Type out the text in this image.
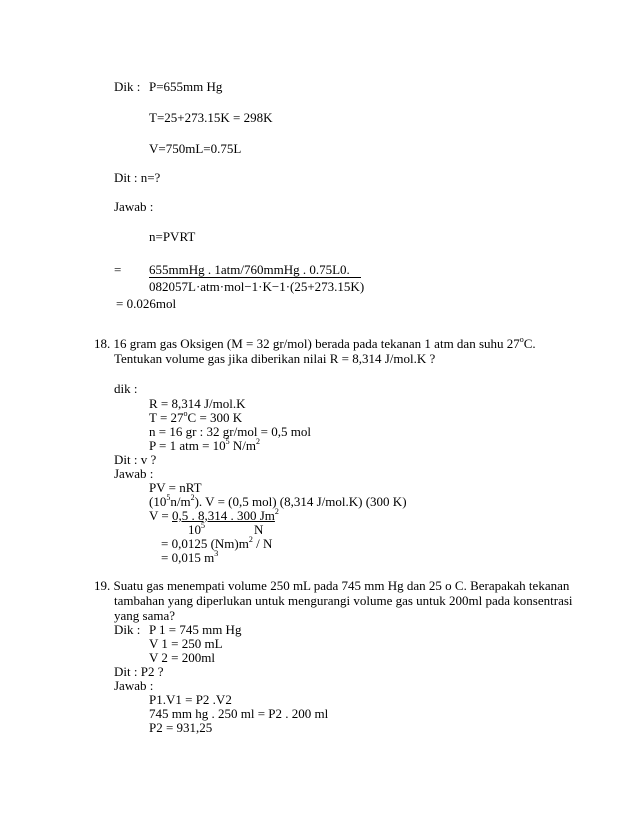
Dik : P=655mm Hg
T=25+273.15K = 298K
V=750mL=0.75L
Dit : n=?
Jawab :
n=PVRT
= 655mmHg . 1atm/760mmHg . 0.75L0.
082057L·atm·mol−1·K−1·(25+273.15K)
= 0.026mol
18. 16 gram gas Oksigen (M = 32 gr/mol) berada pada tekanan 1 atm dan suhu 27$^o$C.
Tentukan volume gas jika diberikan nilai R = 8,314 J/mol.K ?
dik :
R = 8,314 J/mol.K
$T = 27^oC = 300$ K
n = 16 gr : 32 gr/mol = 0,5 mol
P = 1 atm = $10^5$ $N/m^2$
Dit : v ?
Jawab :
PV = nRT
$(10^5n/m^2)$. V = (0,5 mol) (8,314 J/mol.K) (300 K)
V = 0,5 . 8,314 . 300 Jm$^2$
$10^5$	N
= 0,0125 $(Nm)m^2$ / N
= 0,015 $m^3$
19. Suatu gas menempati volume 250 mL pada 745 mm Hg dan 25 o C. Berapakah tekanan
tambahan yang diperlukan untuk mengurangi volume gas untuk 200ml pada konsentrasi
yang sama?
Dik : P 1 = 745 mm Hg
V 1 = 250 mL
V 2 = 200ml
Dit : P2 ?
Jawab :
P1.V1 = P2 .V2
745 mm hg . 250 ml = P2 . 200 ml
P2 = 931,25
